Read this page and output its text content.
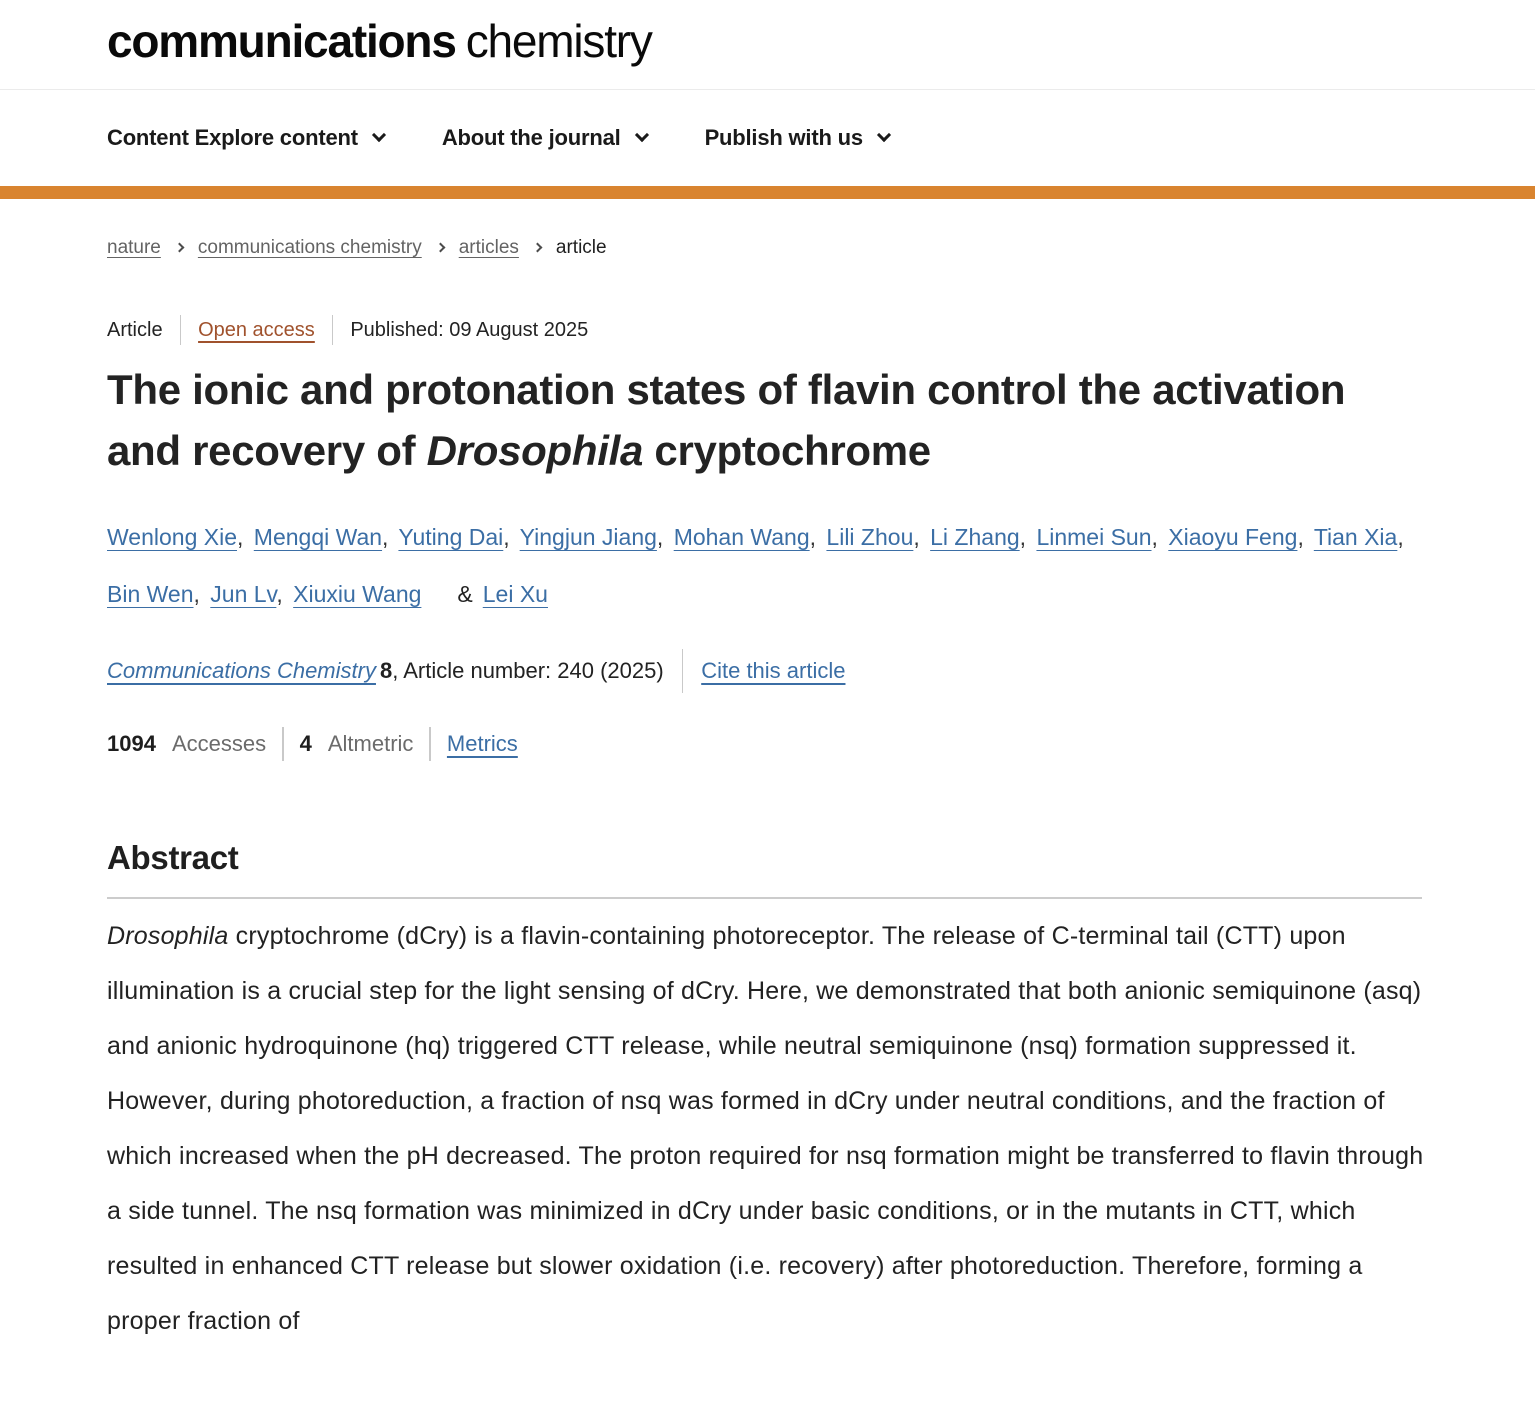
communications chemistry
Content Explore content	About the journal	Publish with us
nature communications chemistry articles article
Article Open access Published: 09 August 2025
The ionic and protonation states of flavin control the activation and recovery of Drosophila cryptochrome
Wenlong Xie, Mengqi Wan, Yuting Dai, Yingjun Jiang, Mohan Wang, Lili Zhou, Li Zhang, Linmei Sun, Xiaoyu Feng, Tian Xia, Bin Wen, Jun Lv, Xiuxiu Wang & Lei Xu
Communications Chemistry 8, Article number: 240 (2025) Cite this article
1094 Accesses 4 Altmetric Metrics
Abstract

Drosophila cryptochrome (dCry) is a flavin-containing photoreceptor. The release of C-terminal tail (CTT) upon illumination is a crucial step for the light sensing of dCry. Here, we demonstrated that both anionic semiquinone (asq) and anionic hydroquinone (hq) triggered CTT release, while neutral semiquinone (nsq) formation suppressed it. However, during photoreduction, a fraction of nsq was formed in dCry under neutral conditions, and the fraction of which increased when the pH decreased. The proton required for nsq formation might be transferred to flavin through a side tunnel. The nsq formation was minimized in dCry under basic conditions, or in the mutants in CTT, which resulted in enhanced CTT release but slower oxidation (i.e. recovery) after photoreduction. Therefore, forming a proper fraction of
